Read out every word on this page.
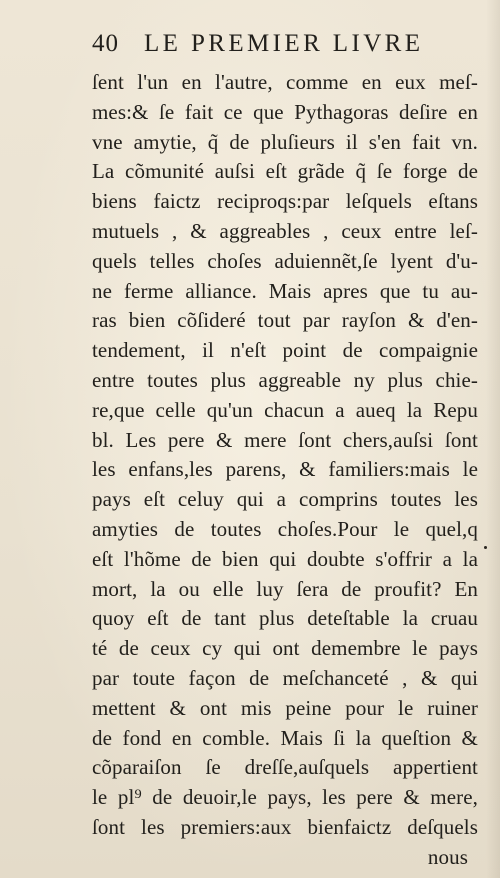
40 LE PREMIER LIVRE
ſent l'un en l'autre, comme en eux meſ-
mes:& ſe fait ce que Pythagoras deſire en
vne amytie, q̃ de pluſieurs il s'en fait vn.
La cõmunité auſsi eſt grãde q̃ ſe forge de
biens faictz reciproqs:par leſquels eſtans
mutuels , & aggreables , ceux entre leſ-
quels telles choſes aduiennẽt,ſe lyent d'u-
ne ferme alliance. Mais apres que tu au-
ras bien cõſideré tout par rayſon & d'en-
tendement, il n'eſt point de compaignie
entre toutes plus aggreable ny plus chie-
re,que celle qu'un chacun a aueq la Repu
bl. Les pere & mere ſont chers,auſsi ſont
les enfans,les parens, & familiers:mais le
pays eſt celuy qui a comprins toutes les
amyties de toutes choſes.Pour le quel,q
eſt l'hõme de bien qui doubte s'offrir a la
mort, la ou elle luy ſera de proufit? En
quoy eſt de tant plus deteſtable la cruau
té de ceux cy qui ont demembre le pays
par toute façon de meſchanceté , & qui
mettent & ont mis peine pour le ruiner
de fond en comble. Mais ſi la queſtion &
cõparaiſon ſe dreſſe,auſquels appertient
le pl⁹ de deuoir,le pays, les pere & mere,
ſont les premiers:aux bienfaictz deſquels
nous
